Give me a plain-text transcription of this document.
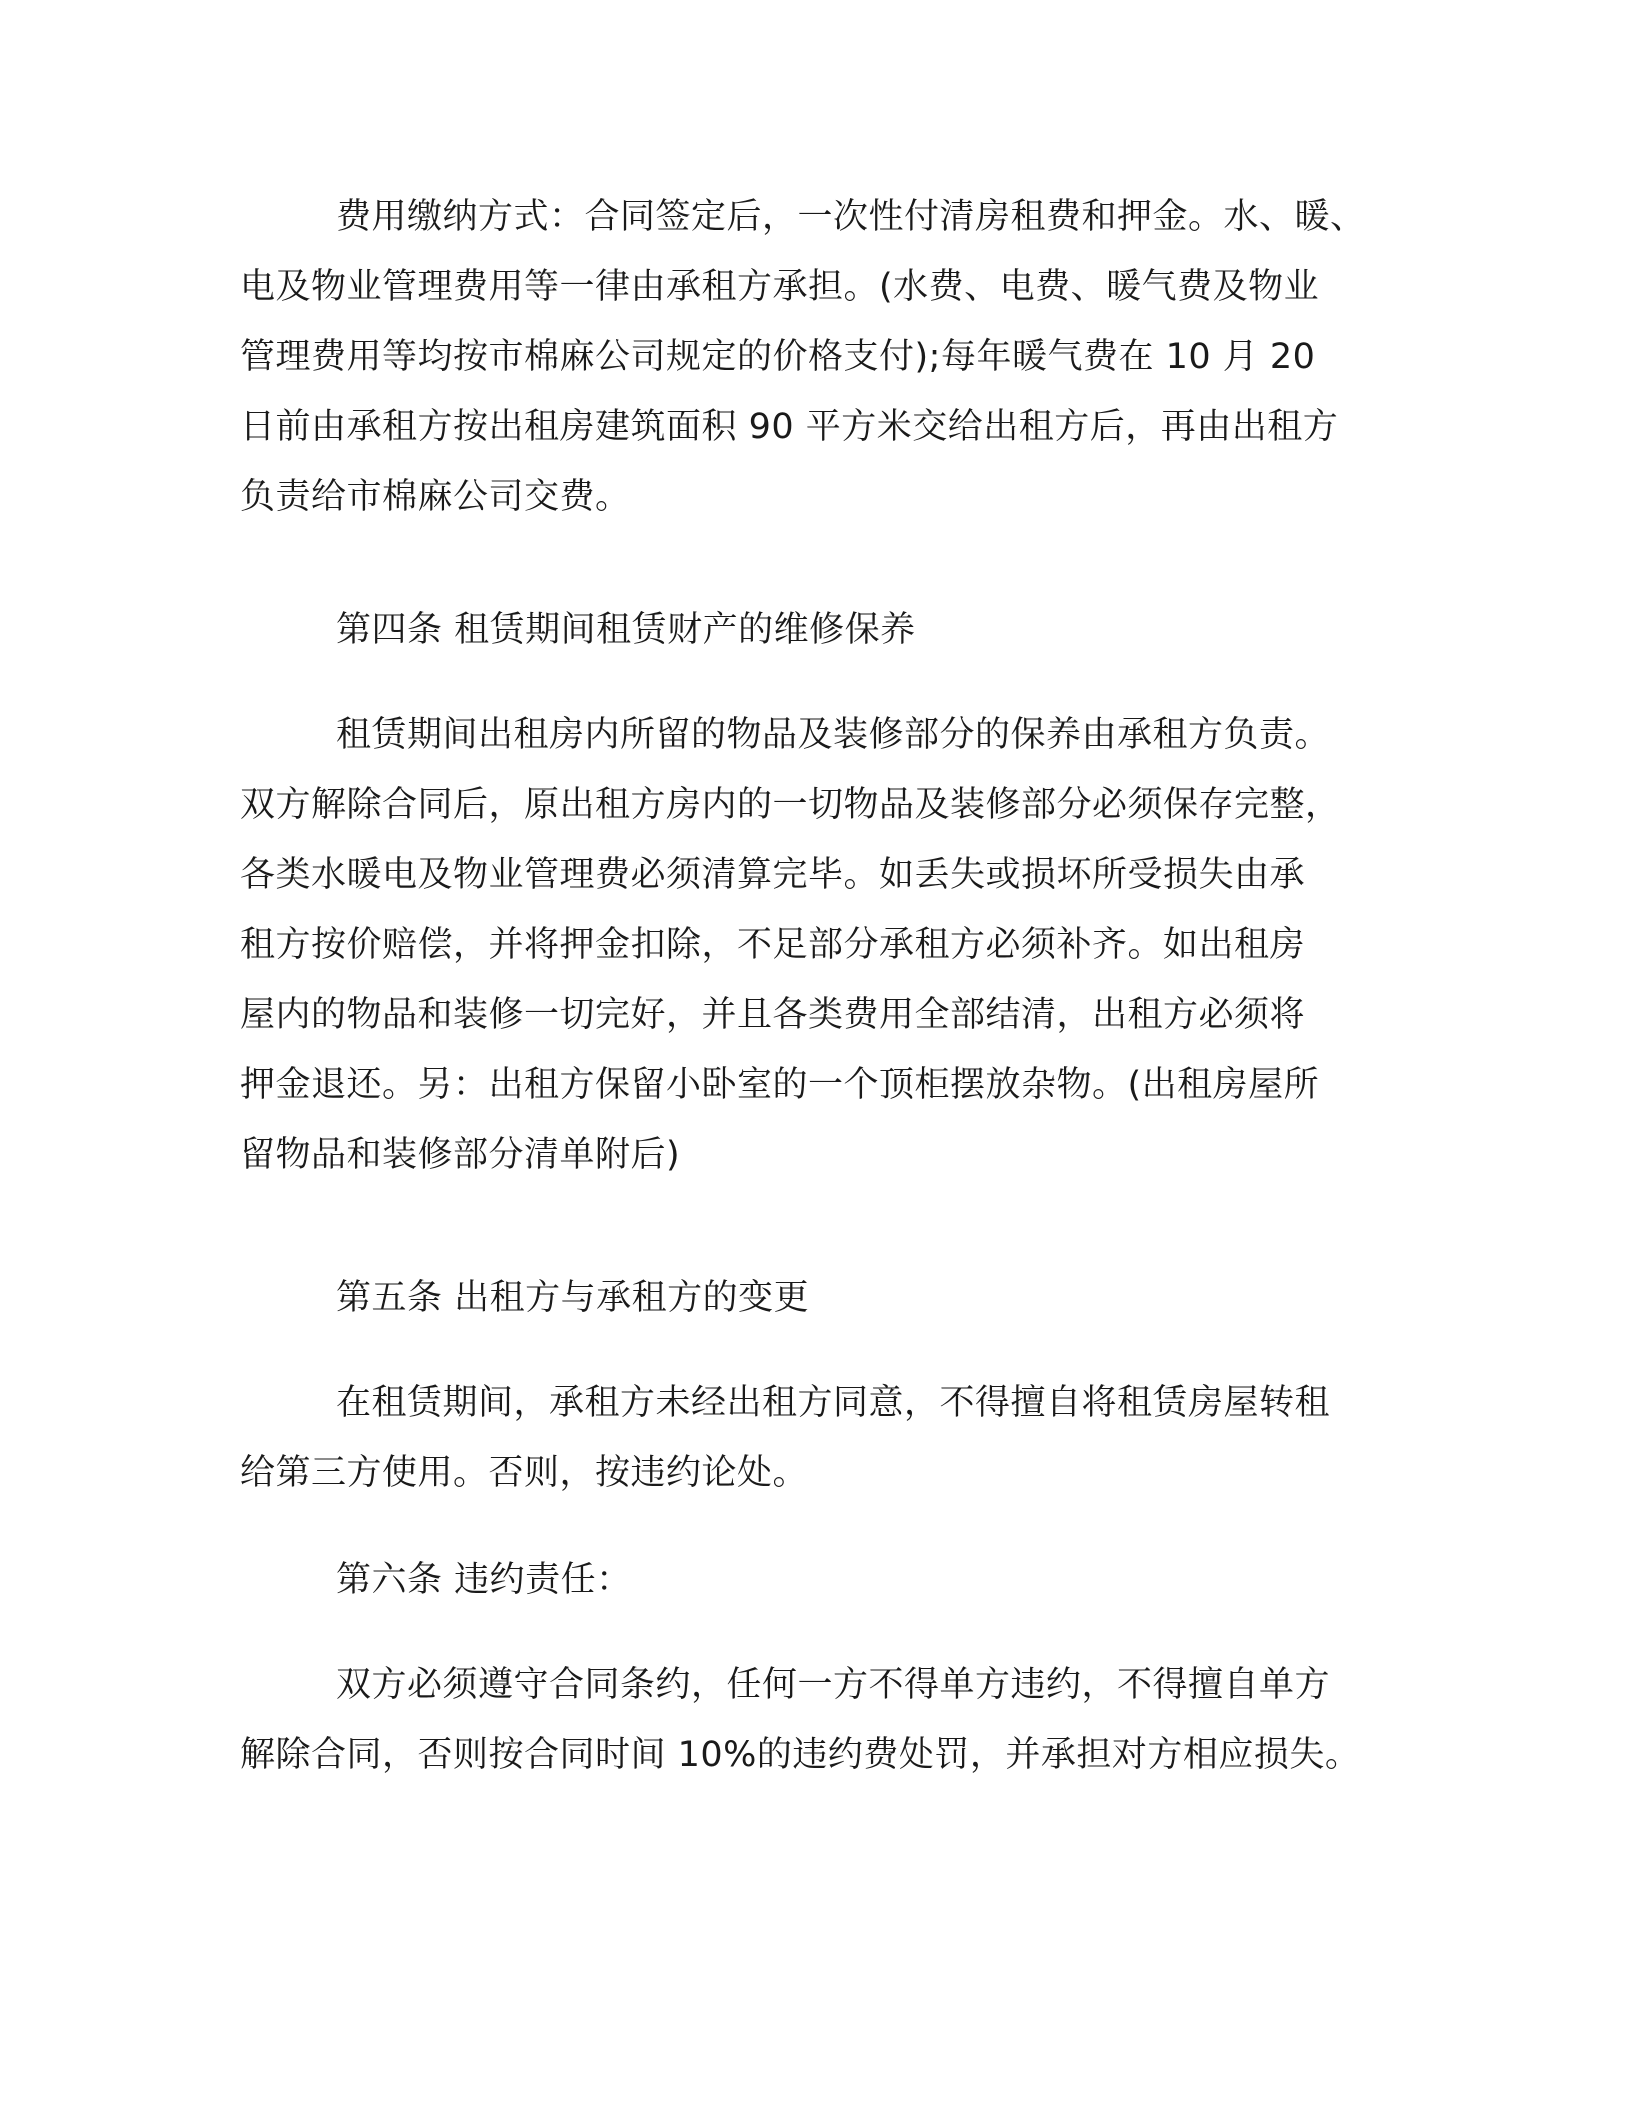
费用缴纳方式：合同签定后，一次性付清房租费和押金。水、暖、
电及物业管理费用等一律由承租方承担。(水费、电费、暖气费及物业
管理费用等均按市棉麻公司规定的价格支付);每年暖气费在 10 月 20
日前由承租方按出租房建筑面积 90 平方米交给出租方后，再由出租方
负责给市棉麻公司交费。
第四条 租赁期间租赁财产的维修保养
租赁期间出租房内所留的物品及装修部分的保养由承租方负责。
双方解除合同后，原出租方房内的一切物品及装修部分必须保存完整，
各类水暖电及物业管理费必须清算完毕。如丢失或损坏所受损失由承
租方按价赔偿，并将押金扣除，不足部分承租方必须补齐。如出租房
屋内的物品和装修一切完好，并且各类费用全部结清，出租方必须将
押金退还。另：出租方保留小卧室的一个顶柜摆放杂物。(出租房屋所
留物品和装修部分清单附后)
第五条 出租方与承租方的变更
在租赁期间，承租方未经出租方同意，不得擅自将租赁房屋转租
给第三方使用。否则，按违约论处。
第六条 违约责任：
双方必须遵守合同条约，任何一方不得单方违约，不得擅自单方
解除合同，否则按合同时间 10%的违约费处罚，并承担对方相应损失。
